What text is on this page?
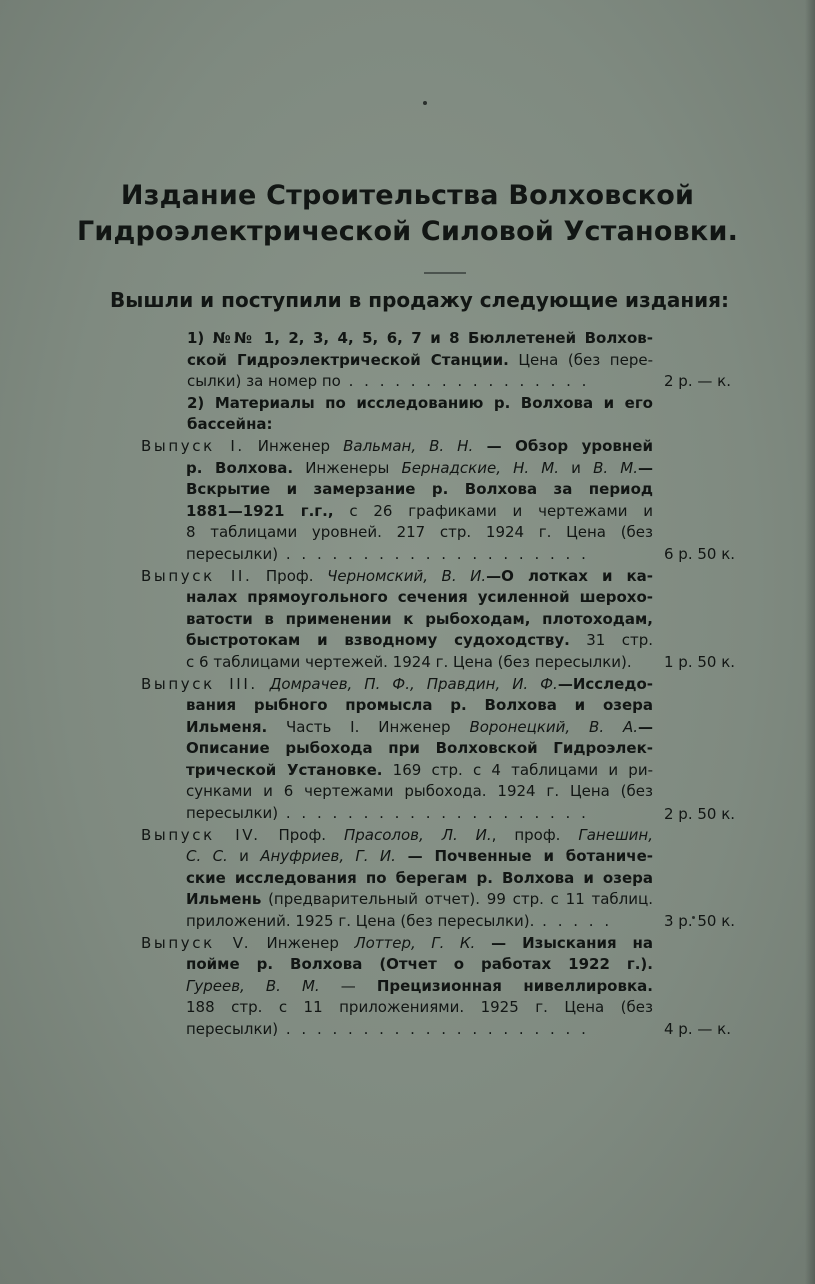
Издание Строительства Волховской
Гидроэлектрической Силовой Установки.
Вышли и поступили в продажу следующие издания:
1) №№ 1, 2, 3, 4, 5, 6, 7 и 8 Бюллетеней Волхов-
ской Гидроэлектрической Станции. Цена (без пере-
сылки) за номер по . . . . . . . . . . . . . . . .	2 р. — к.
2) Материалы по исследованию р. Волхова и его
бассейна:
Выпуск I. Инженер Вальман, В. Н. — Обзор уровней
р. Волхова. Инженеры Бернадские, Н. М. и В. М.—
Вскрытие и замерзание р. Волхова за период
1881—1921 г.г., с 26 графиками и чертежами и
8 таблицами уровней. 217 стр. 1924 г. Цена (без
пересылки) . . . . . . . . . . . . . . . . . . . .	6 р. 50 к.
Выпуск II. Проф. Черномский, В. И.—О лотках и ка-
налах прямоугольного сечения усиленной шерохо-
ватости в применении к рыбоходам, плотоходам,
быстротокам и взводному судоходству. 31 стр.
с 6 таблицами чертежей. 1924 г. Цена (без пересылки).	1 р. 50 к.
Выпуск III. Домрачев, П. Ф., Правдин, И. Ф.—Исследо-
вания рыбного промысла р. Волхова и озера
Ильменя. Часть I. Инженер Воронецкий, В. А.—
Описание рыбохода при Волховской Гидроэлек-
трической Установке. 169 стр. с 4 таблицами и ри-
сунками и 6 чертежами рыбохода. 1924 г. Цена (без
пересылки) . . . . . . . . . . . . . . . . . . . .	2 р. 50 к.
Выпуск IV. Проф. Прасолов, Л. И., проф. Ганешин,
С. С. и Ануфриев, Г. И. — Почвенные и ботаниче-
ские исследования по берегам р. Волхова и озера
Ильмень (предварительный отчет). 99 стр. с 11 таблиц.
приложений. 1925 г. Цена (без пересылки). . . . . .	3 р. 50 к.
Выпуск V. Инженер Лоттер, Г. К. — Изыскания на
пойме р. Волхова (Отчет о работах 1922 г.).
Гуреев, В. М. — Прецизионная нивеллировка.
188 стр. с 11 приложениями. 1925 г. Цена (без
пересылки) . . . . . . . . . . . . . . . . . . . .	4 р. — к.
